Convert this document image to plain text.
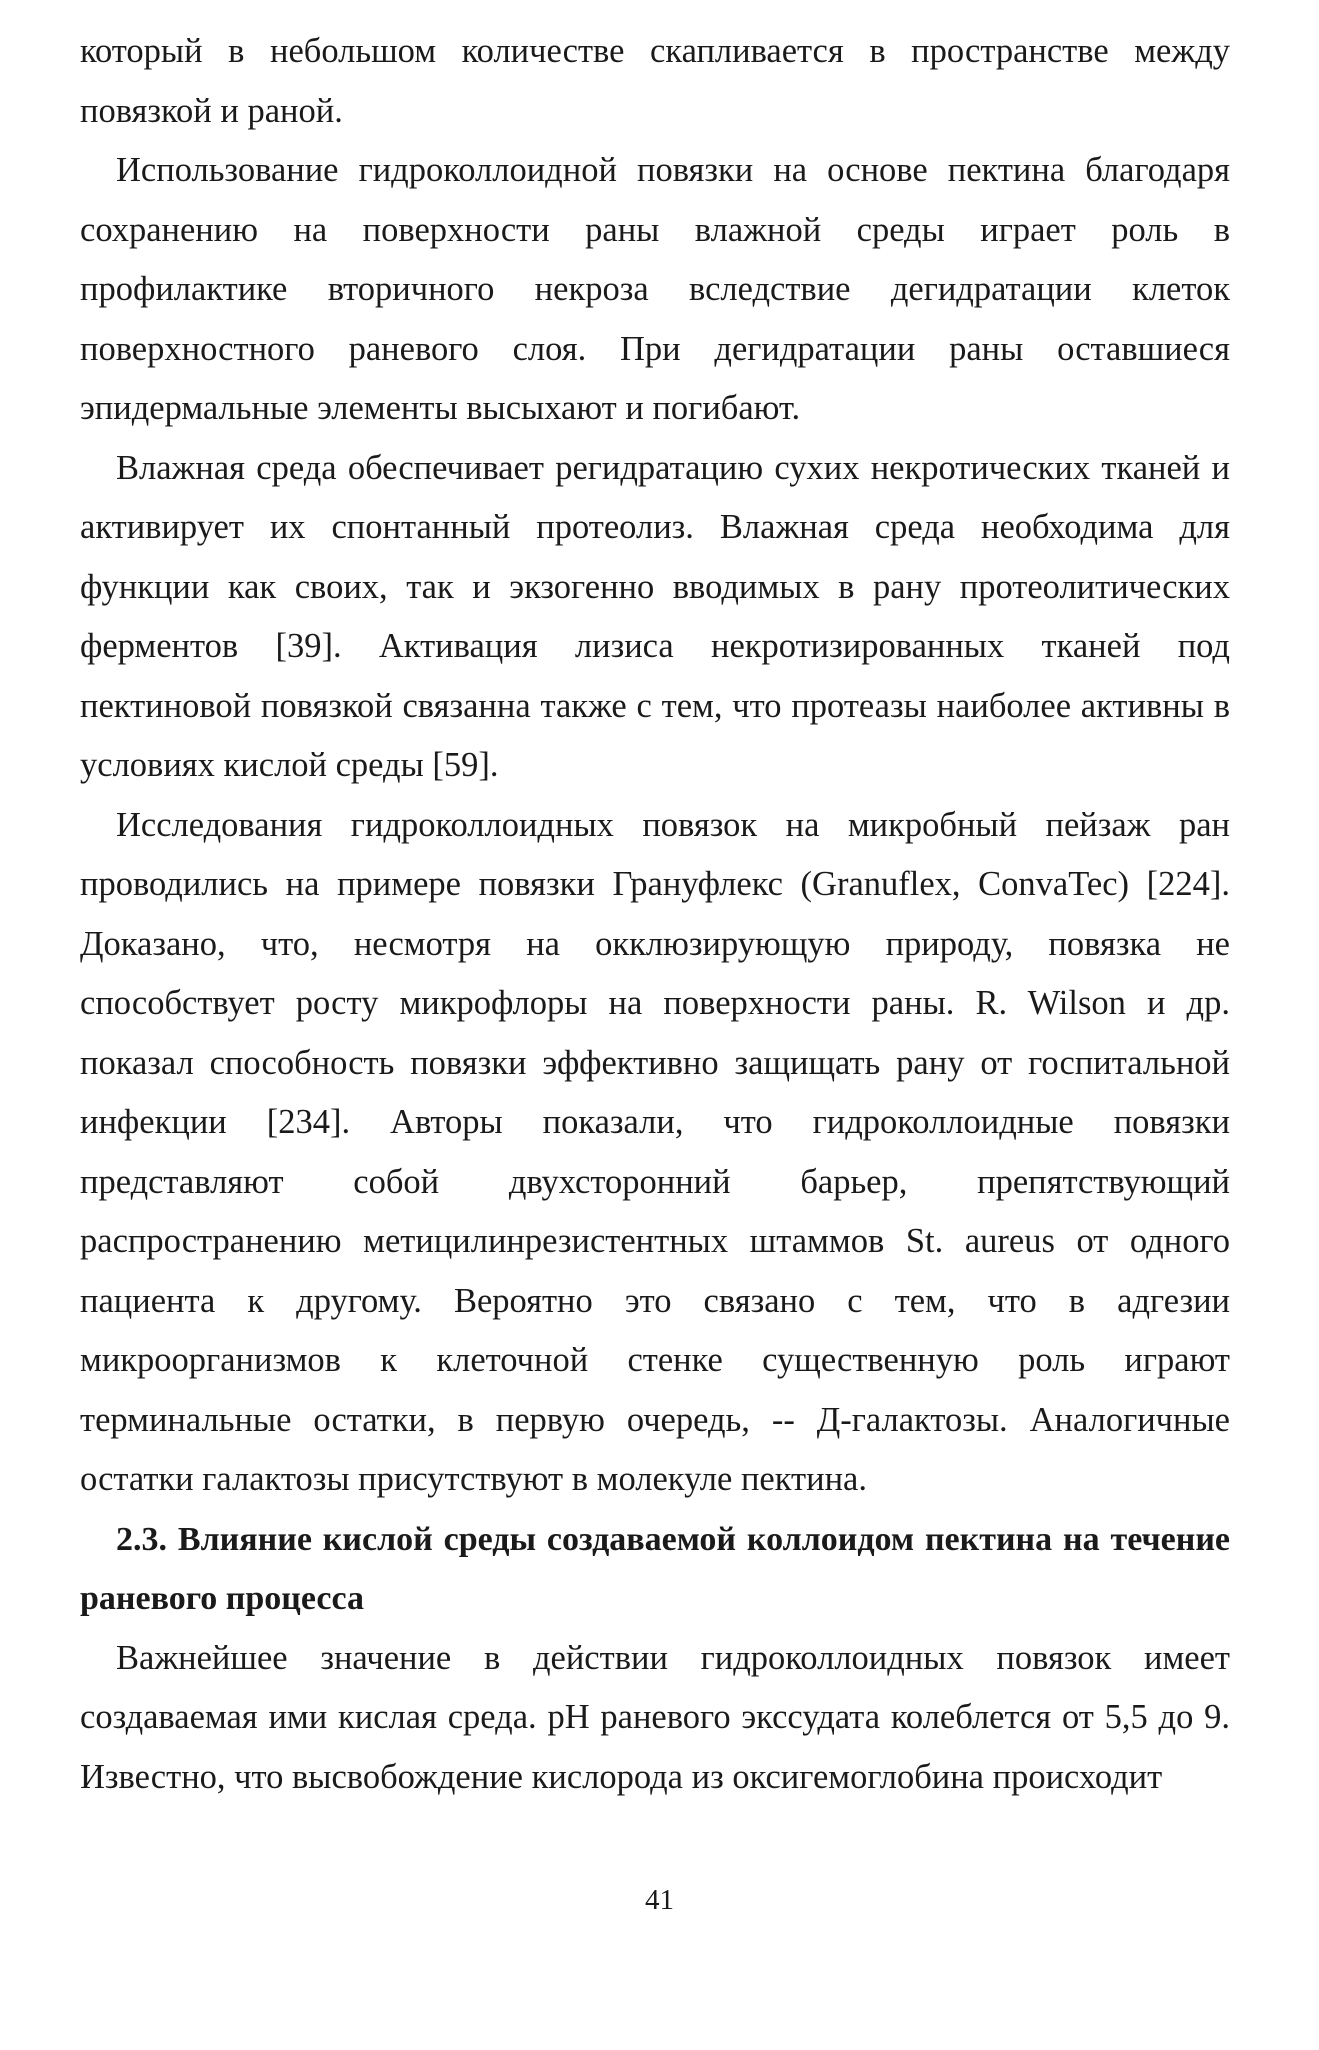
который в небольшом количестве скапливается в пространстве между повязкой и раной.

Использование гидроколлоидной повязки на основе пектина благодаря сохранению на поверхности раны влажной среды играет роль в профилактике вторичного некроза вследствие дегидратации клеток поверхностного раневого слоя. При дегидратации раны оставшиеся эпидермальные элементы высыхают и погибают.

Влажная среда обеспечивает регидратацию сухих некротических тканей и активирует их спонтанный протеолиз. Влажная среда необходима для функции как своих, так и экзогенно вводимых в рану протеолитических ферментов [39]. Активация лизиса некротизированных тканей под пектиновой повязкой связанна также с тем, что протеазы наиболее активны в условиях кислой среды [59].

Исследования гидроколлоидных повязок на микробный пейзаж ран проводились на примере повязки Грануфлекс (Granuflex, ConvaTec) [224]. Доказано, что, несмотря на окклюзирующую природу, повязка не способствует росту микрофлоры на поверхности раны. R. Wilson и др. показал способность повязки эффективно защищать рану от госпитальной инфекции [234]. Авторы показали, что гидроколлоидные повязки представляют собой двухсторонний барьер, препятствующий распространению метицилинрезистентных штаммов St. aureus от одного пациента к другому. Вероятно это связано с тем, что в адгезии микроорганизмов к клеточной стенке существенную роль играют терминальные остатки, в первую очередь, -- Д-галактозы. Аналогичные остатки галактозы присутствуют в молекуле пектина.

2.3. Влияние кислой среды создаваемой коллоидом пектина на течение раневого процесса

Важнейшее значение в действии гидроколлоидных повязок имеет создаваемая ими кислая среда. pH раневого экссудата колеблется от 5,5 до 9. Известно, что высвобождение кислорода из оксигемоглобина происходит

41
